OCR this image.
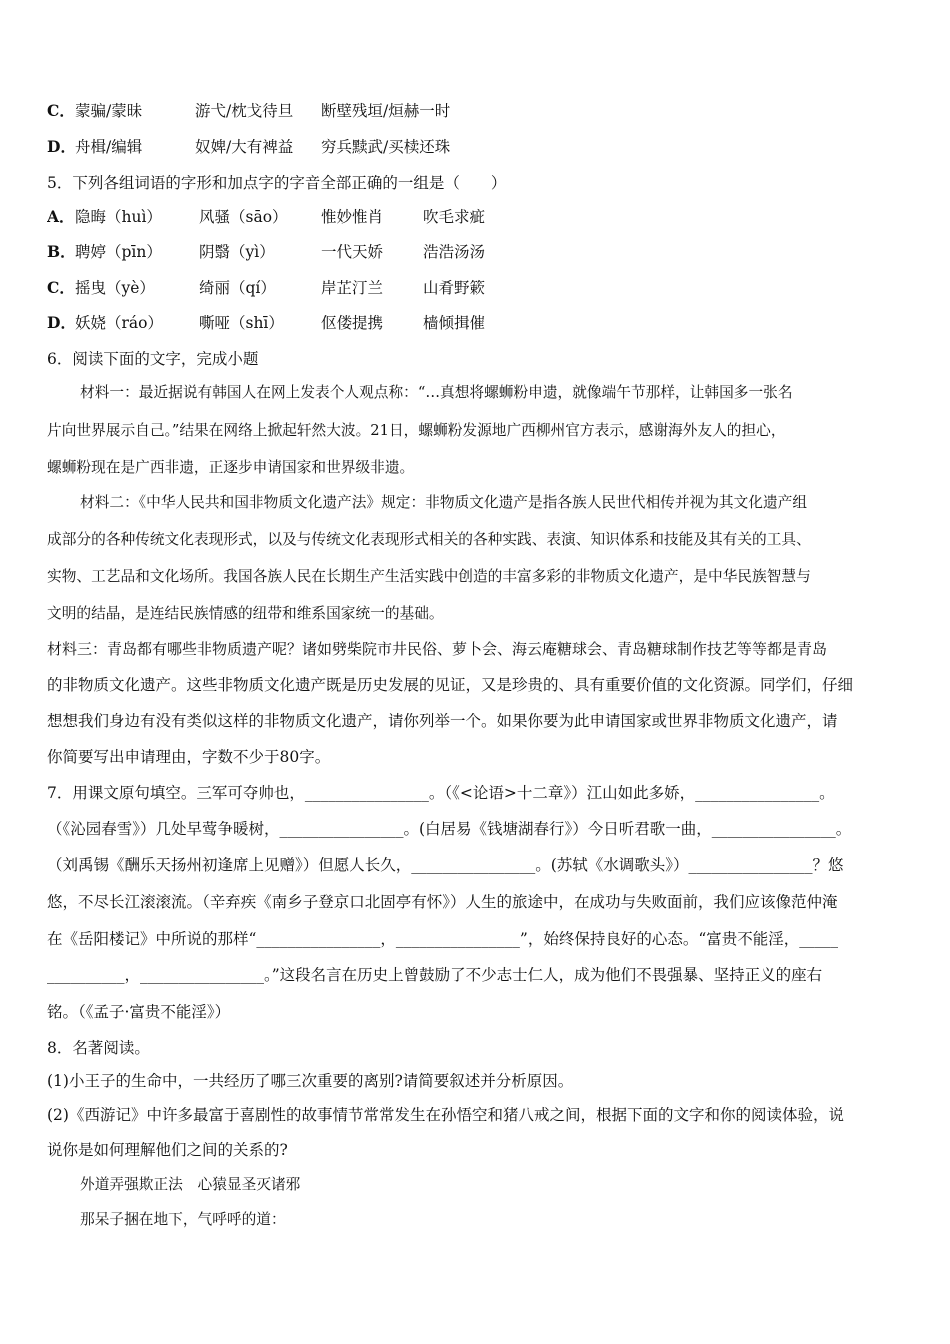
C．蒙骗/蒙昧	游弋/枕戈待旦 断壁残垣/烜赫一时
D．舟楫/编辑	奴婢/大有裨益 穷兵黩武/买椟还珠
5．下列各组词语的字形和加点字的字音全部正确的一组是（　　）
A．隐晦（huì） 风骚（sāo） 惟妙惟肖	吹毛求疵
B．聘婷（pīn） 阴翳（yì）	一代天娇	浩浩汤汤
C．摇曳（yè）	绮丽（qí）	岸芷汀兰	山肴野簌
D．妖娆（ráo） 嘶哑（shī） 伛偻提携	樯倾揖催
6．阅读下面的文字，完成小题
材料一：最近据说有韩国人在网上发表个人观点称：“…真想将螺蛳粉申遗，就像端午节那样，让韩国多一张名
片向世界展示自己。”结果在网络上掀起轩然大波。21日，螺蛳粉发源地广西柳州官方表示，感谢海外友人的担心，
螺蛳粉现在是广西非遗，正逐步申请国家和世界级非遗。
材料二：《中华人民共和国非物质文化遗产法》规定：非物质文化遗产是指各族人民世代相传并视为其文化遗产组
成部分的各种传统文化表现形式，以及与传统文化表现形式相关的各种实践、表演、知识体系和技能及其有关的工具、
实物、工艺品和文化场所。我国各族人民在长期生产生活实践中创造的丰富多彩的非物质文化遗产，是中华民族智慧与
文明的结晶，是连结民族情感的纽带和维系国家统一的基础。
材料三：青岛都有哪些非物质遗产呢？诸如劈柴院市井民俗、萝卜会、海云庵糖球会、青岛糖球制作技艺等等都是青岛
的非物质文化遗产。这些非物质文化遗产既是历史发展的见证，又是珍贵的、具有重要价值的文化资源。同学们，仔细
想想我们身边有没有类似这样的非物质文化遗产，请你列举一个。如果你要为此申请国家或世界非物质文化遗产，请
你简要写出申请理由，字数不少于80字。
7．用课文原句填空。三军可夺帅也，________________。（《<论语>十二章》）江山如此多娇，________________。
（《沁园春雪》）几处早莺争暖树，________________。(白居易《钱塘湖春行》）今日听君歌一曲，________________。
（刘禹锡《酬乐天扬州初逢席上见赠》）但愿人长久，________________。(苏轼《水调歌头》）________________？悠
悠，不尽长江滚滚流。（辛弃疾《南乡子登京口北固亭有怀》）人生的旅途中，在成功与失败面前，我们应该像范仲淹
在《岳阳楼记》中所说的那样“________________，________________”，始终保持良好的心态。“富贵不能淫，_____
__________，________________。”这段名言在历史上曾鼓励了不少志士仁人，成为他们不畏强暴、坚持正义的座右
铭。（《孟子·富贵不能淫》）
8．名著阅读。
(1)小王子的生命中，一共经历了哪三次重要的离别?请简要叙述并分析原因。
(2)《西游记》中许多最富于喜剧性的故事情节常常发生在孙悟空和猪八戒之间，根据下面的文字和你的阅读体验，说
说你是如何理解他们之间的关系的?
外道弄强欺正法　心猿显圣灭诸邪
那呆子捆在地下，气呼呼的道：
